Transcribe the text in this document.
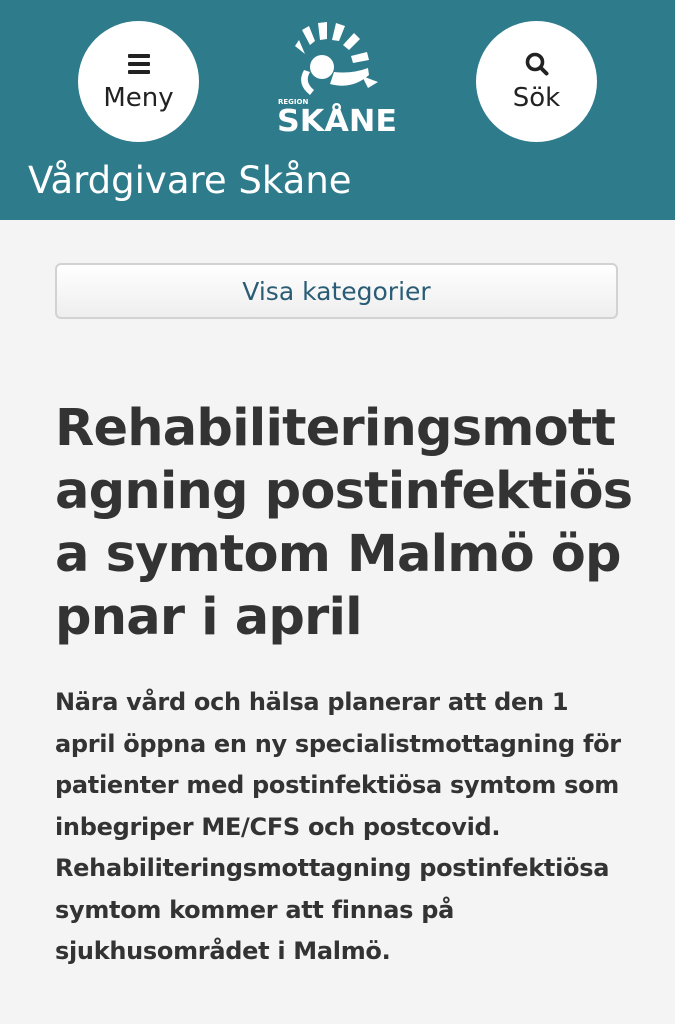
Meny	REGION
SKÅNE
Sök
Vårdgivare Skåne
Visa kategorier
Rehabiliteringsmottagning postinfektiösa symtom Malmö öppnar i april

Nära vård och hälsa planerar att den 1 april öppna en ny specialistmottagning för patienter med postinfektiösa symtom som inbegriper ME/CFS och postcovid. Rehabiliteringsmottagning postinfektiösa symtom kommer att finnas på sjukhusområdet i Malmö.
